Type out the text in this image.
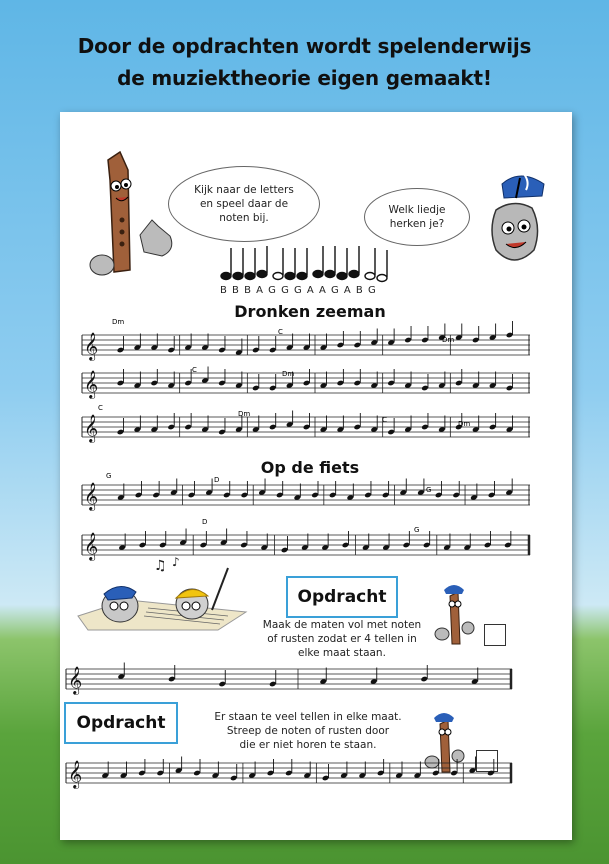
Door de opdrachten wordt spelenderwijs
de muziektheorie eigen gemaakt!
Kijk naar de letters
en speel daar de
noten bij.
Welk liedje
herken je?
B B B A G G G A A G A B G
Dronken zeeman
𝄞
𝄞
𝄞
Dm
C
Dm
C	Dm
C
Dm
C	Dm
Op de fiets
𝄞
𝄞
G	D
G
D
G
♫ ♪
Opdracht
Maak de maten vol met noten
of rusten zodat er 4 tellen in
elke maat staan.
𝄞
Opdracht	Er staan te veel tellen in elke maat.
Streep de noten of rusten door
die er niet horen te staan.
𝄞
